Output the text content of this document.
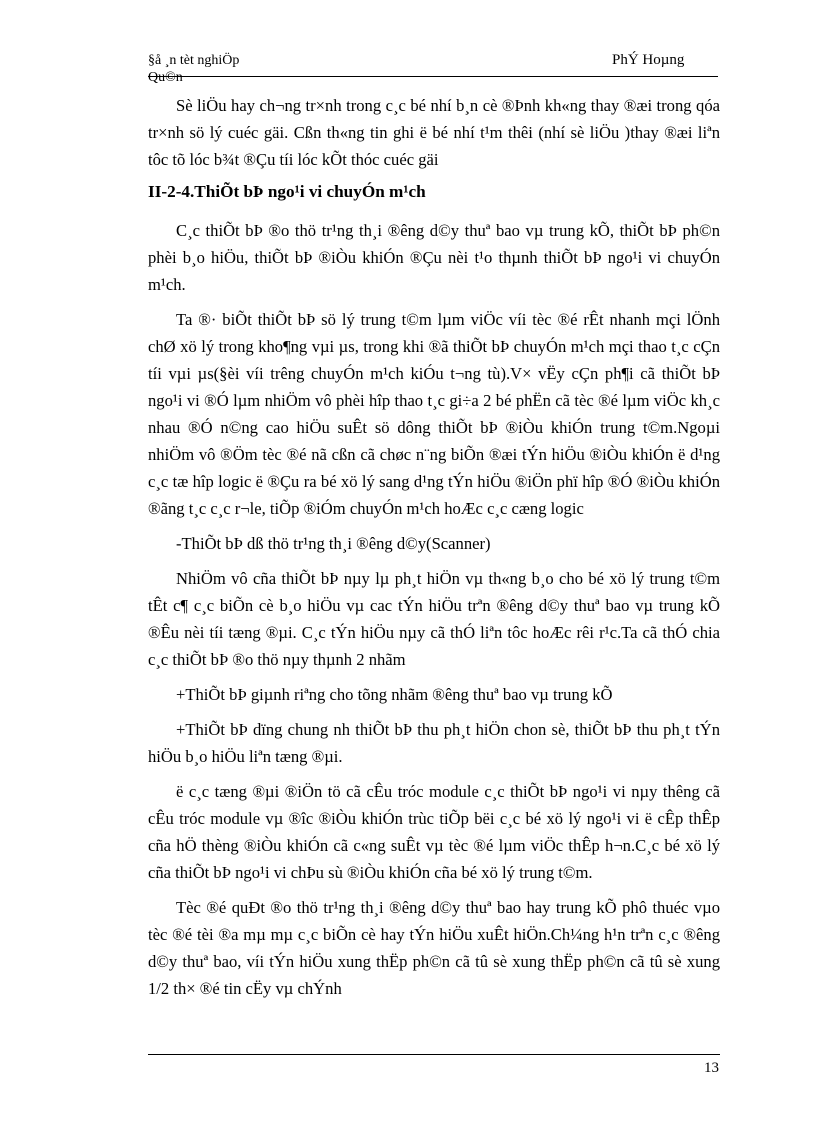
§å ¸n tèt nghiÖp
Qu©n
PhÝ Hoµng

Sè liÖu hay ch¬ng tr×nh trong c¸c bé nhí b¸n cè ®Þnh kh«ng thay ®æi trong qóa tr×nh sö lý cuéc gäi. Cßn th«ng tin ghi ë bé nhí t¹m thêi (nhí sè liÖu )thay ®æi liªn tôc tõ lóc b¾t ®Çu tíi lóc kÕt thóc cuéc gäi

II-2-4.ThiÕt bÞ ngo¹i vi chuyÓn m¹ch

C¸c thiÕt bÞ ®o thö tr¹ng th¸i ®êng d©y thuª bao vµ trung kÕ, thiÕt bÞ ph©n phèi b¸o hiÖu, thiÕt bÞ ®iÒu khiÓn ®Çu nèi t¹o thµnh thiÕt bÞ ngo¹i vi chuyÓn m¹ch.

Ta ®· biÕt thiÕt bÞ sö lý trung t©m lµm viÖc víi tèc ®é rÊt nhanh mçi lÖnh chØ xö lý trong kho¶ng vµi µs, trong khi ®ã thiÕt bÞ chuyÓn m¹ch mçi thao t¸c cÇn tíi vµi µs(§èi víi trêng chuyÓn m¹ch kiÓu t¬ng tù).V× vËy cÇn ph¶i cã thiÕt bÞ ngo¹i vi ®Ó lµm nhiÖm vô phèi hîp thao t¸c gi÷a 2 bé phËn cã tèc ®é lµm viÖc kh¸c nhau ®Ó n©ng cao hiÖu suÊt sö dông thiÕt bÞ ®iÒu khiÓn trung t©m.Ngoµi nhiÖm vô ®Öm tèc ®é nã cßn cã chøc n¨ng biÕn ®æi tÝn hiÖu ®iÒu khiÓn ë d¹ng c¸c tæ hîp logic ë ®Çu ra bé xö lý sang d¹ng tÝn hiÖu ®iÖn phï hîp ®Ó ®iÒu khiÓn ®ãng t¸c c¸c r¬le, tiÕp ®iÓm chuyÓn m¹ch hoÆc c¸c cæng logic

-ThiÕt bÞ dß thö tr¹ng th¸i ®êng d©y(Scanner)

NhiÖm vô cña thiÕt bÞ nµy lµ ph¸t hiÖn vµ th«ng b¸o cho bé xö lý trung t©m tÊt c¶ c¸c biÕn cè b¸o hiÖu vµ cac tÝn hiÖu trªn ®êng d©y thuª bao vµ trung kÕ ®Êu nèi tíi tæng ®µi. C¸c tÝn hiÖu nµy cã thÓ liªn tôc hoÆc rêi r¹c.Ta cã thÓ chia c¸c thiÕt bÞ ®o thö nµy thµnh 2 nhãm

+ThiÕt bÞ giµnh riªng cho tõng nhãm ®êng thuª bao vµ trung kÕ

+ThiÕt bÞ dïng chung nh thiÕt bÞ thu ph¸t hiÖn chon sè, thiÕt bÞ thu ph¸t tÝn hiÖu b¸o hiÖu liªn tæng ®µi.

ë c¸c tæng ®µi ®iÖn tö cã cÊu tróc module c¸c thiÕt bÞ ngo¹i vi nµy thêng cã cÊu tróc module vµ ®îc ®iÒu khiÓn trùc tiÕp bëi c¸c bé xö lý ngo¹i vi ë cÊp thÊp cña hÖ thèng ®iÒu khiÓn cã c«ng suÊt vµ tèc ®é lµm viÖc thÊp h¬n.C¸c bé xö lý cña thiÕt bÞ ngo¹i vi chÞu sù ®iÒu khiÓn cña bé xö lý trung t©m.

Tèc ®é quÐt ®o thö tr¹ng th¸i ®êng d©y thuª bao hay trung kÕ phô thuéc vµo tèc ®é tèi ®a mµ mµ c¸c biÕn cè hay tÝn hiÖu xuÊt hiÖn.Ch¼ng h¹n trªn c¸c ®êng d©y thuª bao, víi tÝn hiÖu xung thËp ph©n cã tû sè xung thËp ph©n cã tû sè xung 1/2 th× ®é tin cËy vµ chÝnh

13
